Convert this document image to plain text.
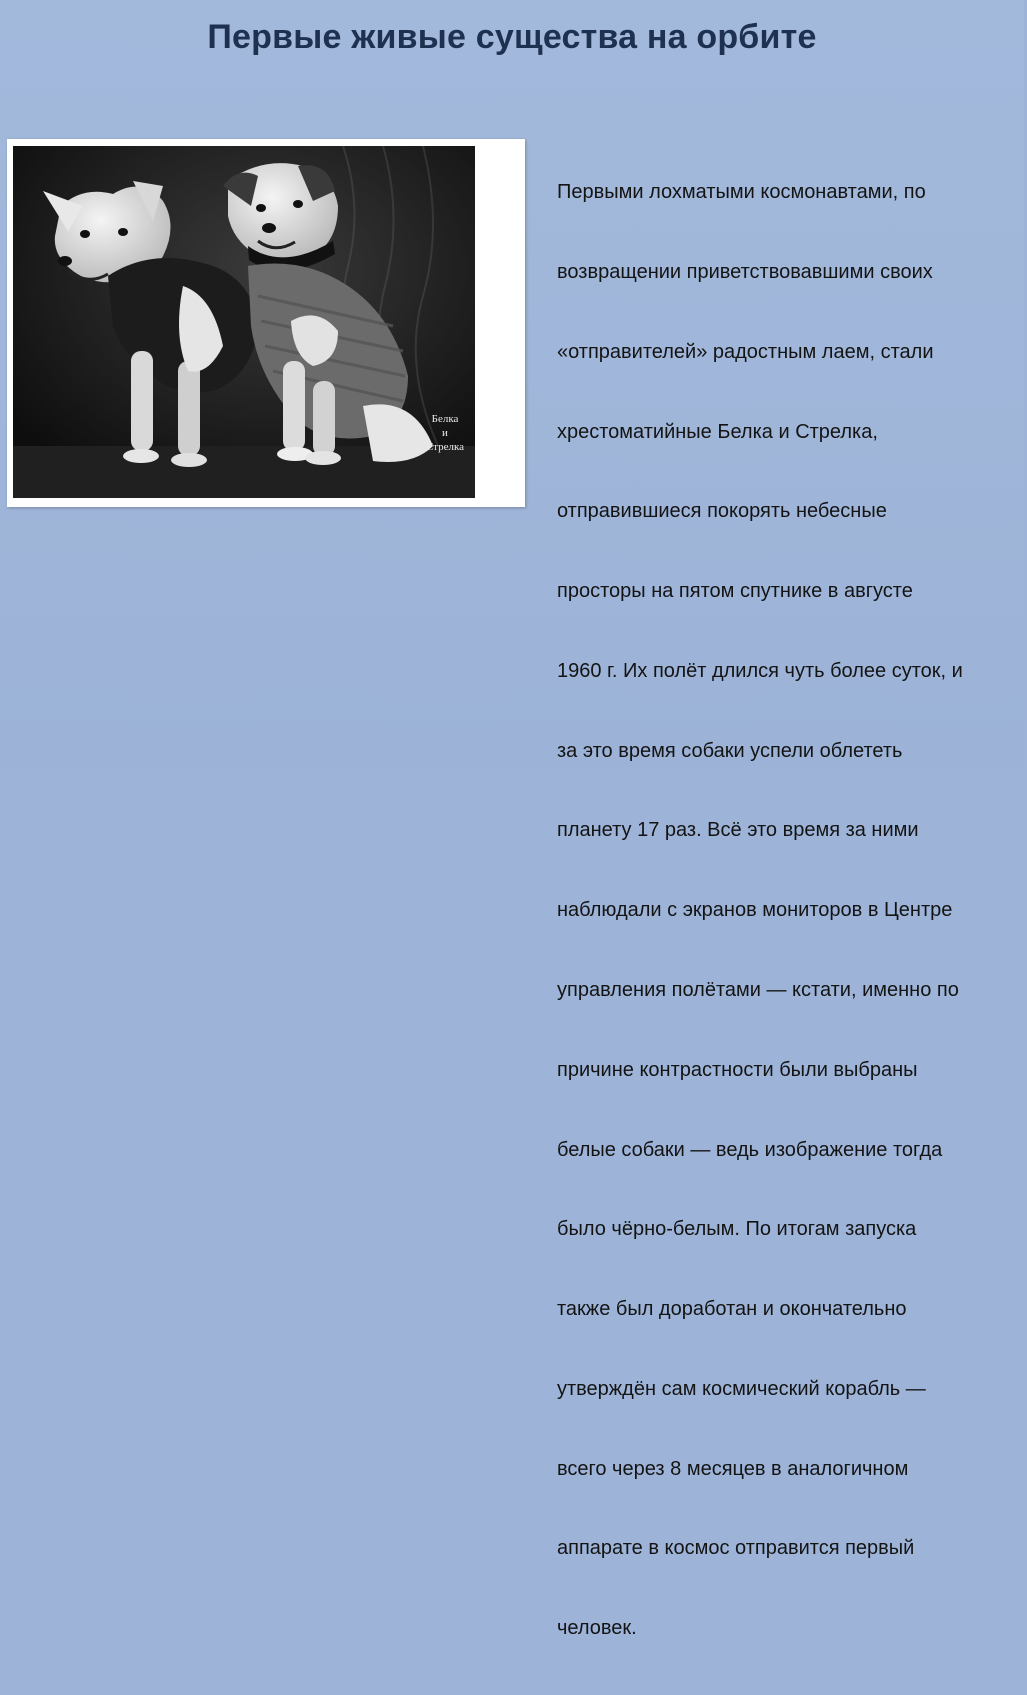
Первые живые существа на орбите
Белка
и
Стрелка

Первыми лохматыми космонавтами, по

возвращении приветствовавшими своих

«отправителей» радостным лаем, стали

хрестоматийные Белка и Стрелка,

отправившиеся покорять небесные

просторы на пятом спутнике в августе

1960 г. Их полёт длился чуть более суток, и

за это время собаки успели облететь

планету 17 раз. Всё это время за ними

наблюдали с экранов мониторов в Центре

управления полётами — кстати, именно по

причине контрастности были выбраны

белые собаки — ведь изображение тогда

было чёрно-белым. По итогам запуска

также был доработан и окончательно

утверждён сам космический корабль —

всего через 8 месяцев в аналогичном

аппарате в космос отправится первый

человек.
